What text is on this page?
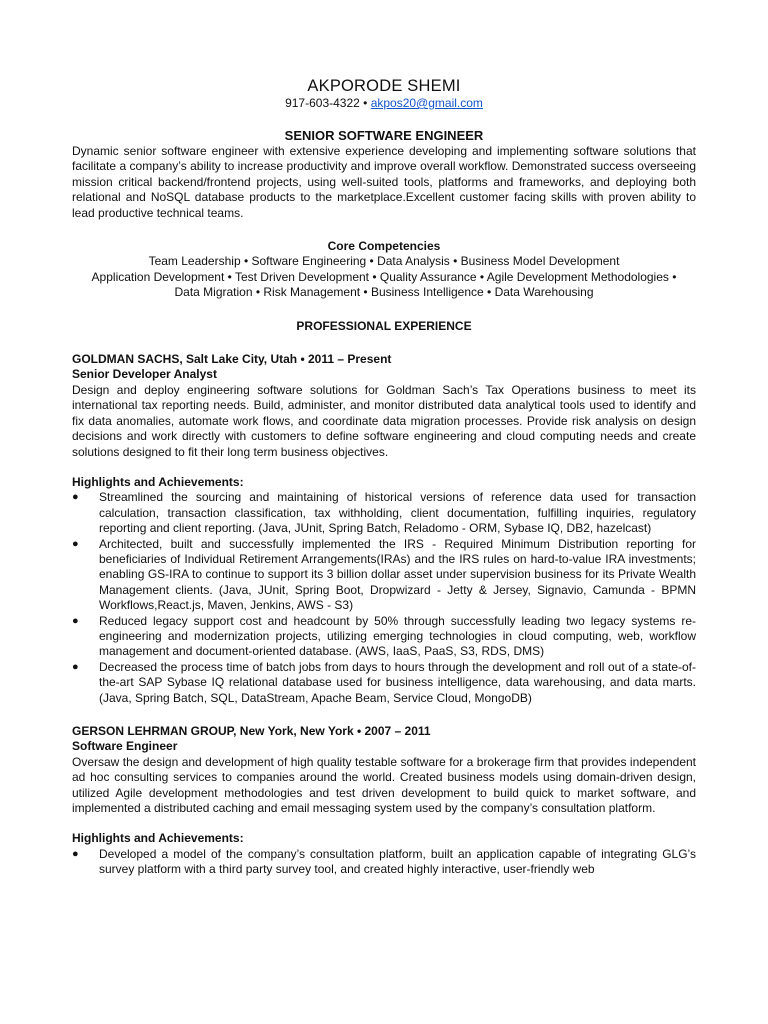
AKPORODE SHEMI
917-603-4322 • akpos20@gmail.com
SENIOR SOFTWARE ENGINEER

Dynamic senior software engineer with extensive experience developing and implementing software solutions that facilitate a company’s ability to increase productivity and improve overall workflow. Demonstrated success overseeing mission critical backend/frontend projects, using well-suited tools, platforms and frameworks, and deploying both relational and NoSQL database products to the marketplace.Excellent customer facing skills with proven ability to lead productive technical teams.

Core Competencies
Team Leadership • Software Engineering • Data Analysis • Business Model Development
Application Development • Test Driven Development • Quality Assurance • Agile Development Methodologies •
Data Migration • Risk Management • Business Intelligence • Data Warehousing
PROFESSIONAL EXPERIENCE
GOLDMAN SACHS, Salt Lake City, Utah • 2011 – Present
Senior Developer Analyst

Design and deploy engineering software solutions for Goldman Sach’s Tax Operations business to meet its international tax reporting needs. Build, administer, and monitor distributed data analytical tools used to identify and fix data anomalies, automate work flows, and coordinate data migration processes. Provide risk analysis on design decisions and work directly with customers to define software engineering and cloud computing needs and create solutions designed to fit their long term business objectives.

Highlights and Achievements:
● Streamlined the sourcing and maintaining of historical versions of reference data used for transaction calculation, transaction classification, tax withholding, client documentation, fulfilling inquiries, regulatory reporting and client reporting. (Java, JUnit, Spring Batch, Reladomo - ORM, Sybase IQ, DB2, hazelcast)
● Architected, built and successfully implemented the IRS - Required Minimum Distribution reporting for beneficiaries of Individual Retirement Arrangements(IRAs) and the IRS rules on hard-to-value IRA investments; enabling GS-IRA to continue to support its 3 billion dollar asset under supervision business for its Private Wealth Management clients. (Java, JUnit, Spring Boot, Dropwizard - Jetty & Jersey, Signavio, Camunda - BPMN Workflows,React.js, Maven, Jenkins, AWS - S3)
● Reduced legacy support cost and headcount by 50% through successfully leading two legacy systems re-engineering and modernization projects, utilizing emerging technologies in cloud computing, web, workflow management and document-oriented database. (AWS, IaaS, PaaS, S3, RDS, DMS)
● Decreased the process time of batch jobs from days to hours through the development and roll out of a state-of-the-art SAP Sybase IQ relational database used for business intelligence, data warehousing, and data marts. (Java, Spring Batch, SQL, DataStream, Apache Beam, Service Cloud, MongoDB)
GERSON LEHRMAN GROUP, New York, New York • 2007 – 2011
Software Engineer

Oversaw the design and development of high quality testable software for a brokerage firm that provides independent ad hoc consulting services to companies around the world. Created business models using domain-driven design, utilized Agile development methodologies and test driven development to build quick to market software, and implemented a distributed caching and email messaging system used by the company’s consultation platform.

Highlights and Achievements:
● Developed a model of the company’s consultation platform, built an application capable of integrating GLG’s survey platform with a third party survey tool, and created highly interactive, user-friendly web
